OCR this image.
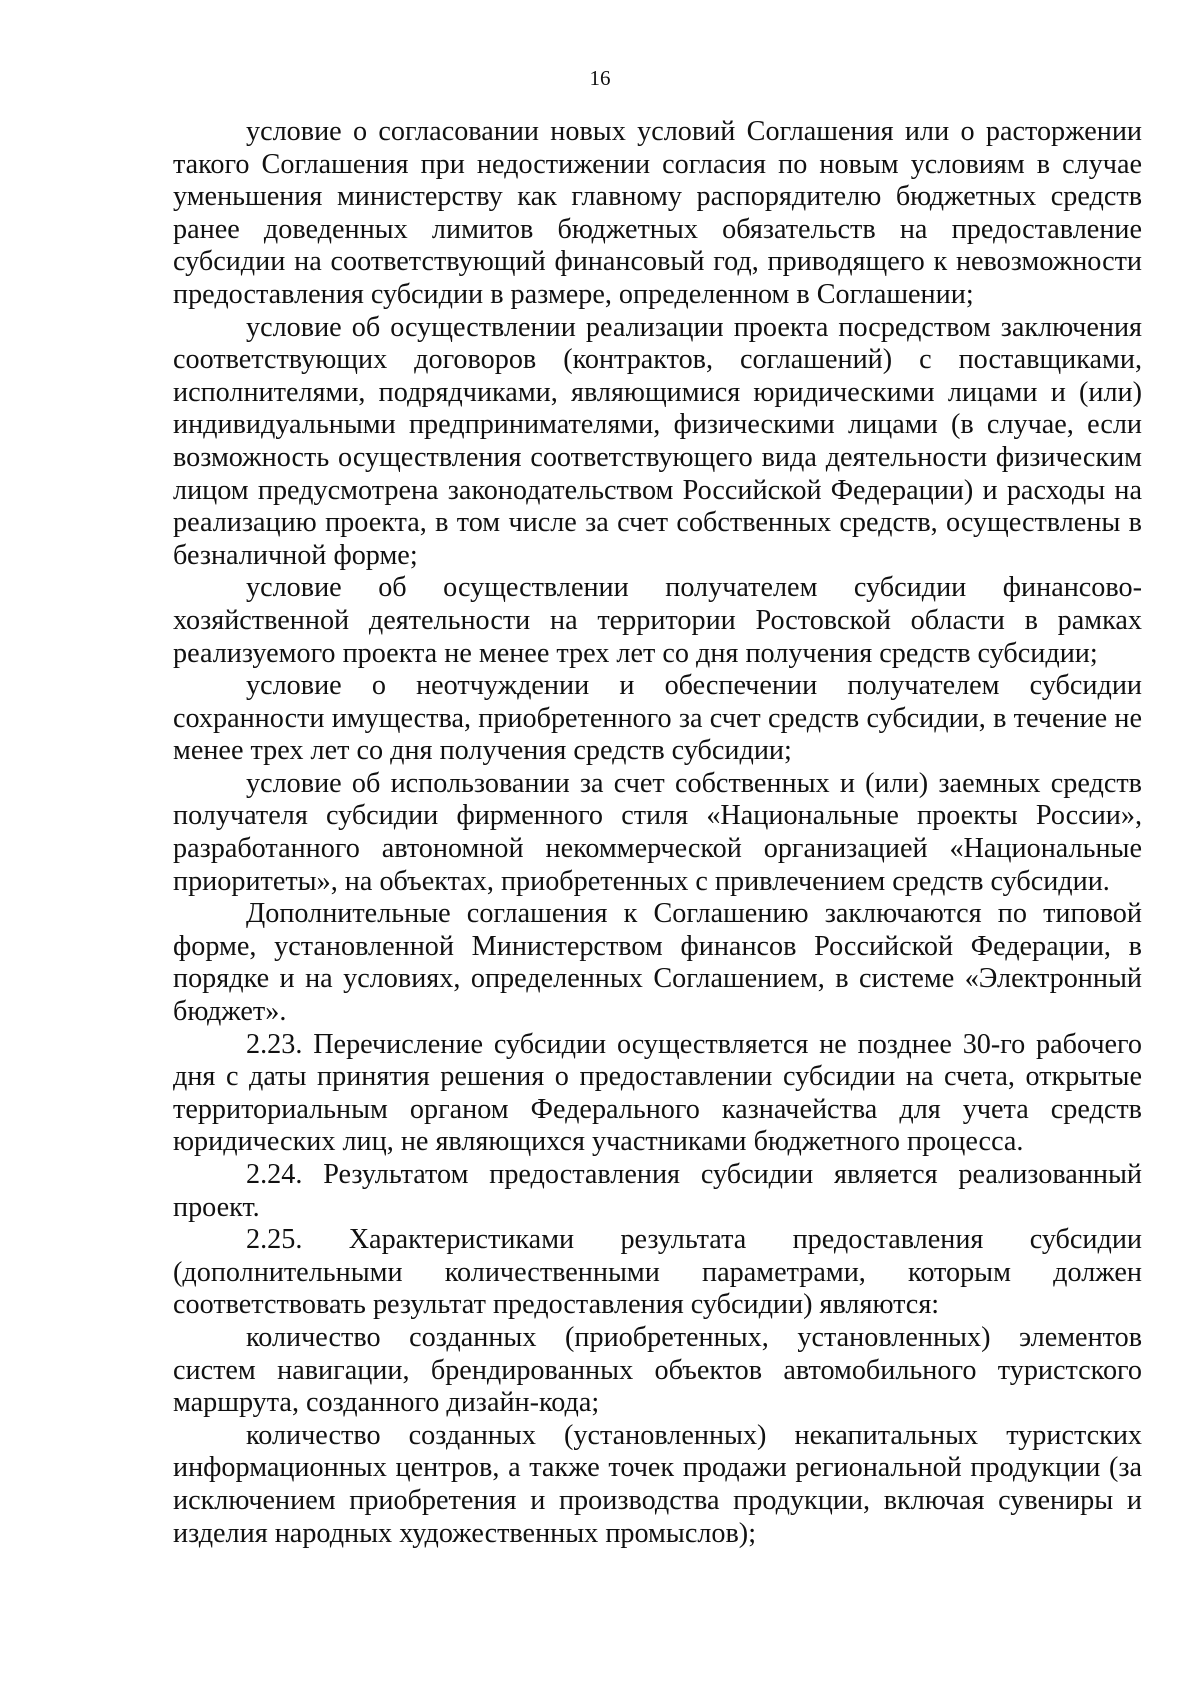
16

условие о согласовании новых условий Соглашения или о расторжении такого Соглашения при недостижении согласия по новым условиям в случае уменьшения министерству как главному распорядителю бюджетных средств ранее доведенных лимитов бюджетных обязательств на предоставление субсидии на соответствующий финансовый год, приводящего к невозможности предоставления субсидии в размере, определенном в Соглашении;

условие об осуществлении реализации проекта посредством заключения соответствующих договоров (контрактов, соглашений) с поставщиками, исполнителями, подрядчиками, являющимися юридическими лицами и (или) индивидуальными предпринимателями, физическими лицами (в случае, если возможность осуществления соответствующего вида деятельности физическим лицом предусмотрена законодательством Российской Федерации) и расходы на реализацию проекта, в том числе за счет собственных средств, осуществлены в безналичной форме;

условие об осуществлении получателем субсидии финансово-хозяйственной деятельности на территории Ростовской области в рамках реализуемого проекта не менее трех лет со дня получения средств субсидии;

условие о неотчуждении и обеспечении получателем субсидии сохранности имущества, приобретенного за счет средств субсидии, в течение не менее трех лет со дня получения средств субсидии;

условие об использовании за счет собственных и (или) заемных средств получателя субсидии фирменного стиля «Национальные проекты России», разработанного автономной некоммерческой организацией «Национальные приоритеты», на объектах, приобретенных с привлечением средств субсидии.

Дополнительные соглашения к Соглашению заключаются по типовой форме, установленной Министерством финансов Российской Федерации, в порядке и на условиях, определенных Соглашением, в системе «Электронный бюджет».

2.23. Перечисление субсидии осуществляется не позднее 30-го рабочего дня с даты принятия решения о предоставлении субсидии на счета, открытые территориальным органом Федерального казначейства для учета средств юридических лиц, не являющихся участниками бюджетного процесса.

2.24. Результатом предоставления субсидии является реализованный проект.

2.25. Характеристиками результата предоставления субсидии (дополнительными количественными параметрами, которым должен соответствовать результат предоставления субсидии) являются:

количество созданных (приобретенных, установленных) элементов систем навигации, брендированных объектов автомобильного туристского маршрута, созданного дизайн-кода;

количество созданных (установленных) некапитальных туристских информационных центров, а также точек продажи региональной продукции (за исключением приобретения и производства продукции, включая сувениры и изделия народных художественных промыслов);
